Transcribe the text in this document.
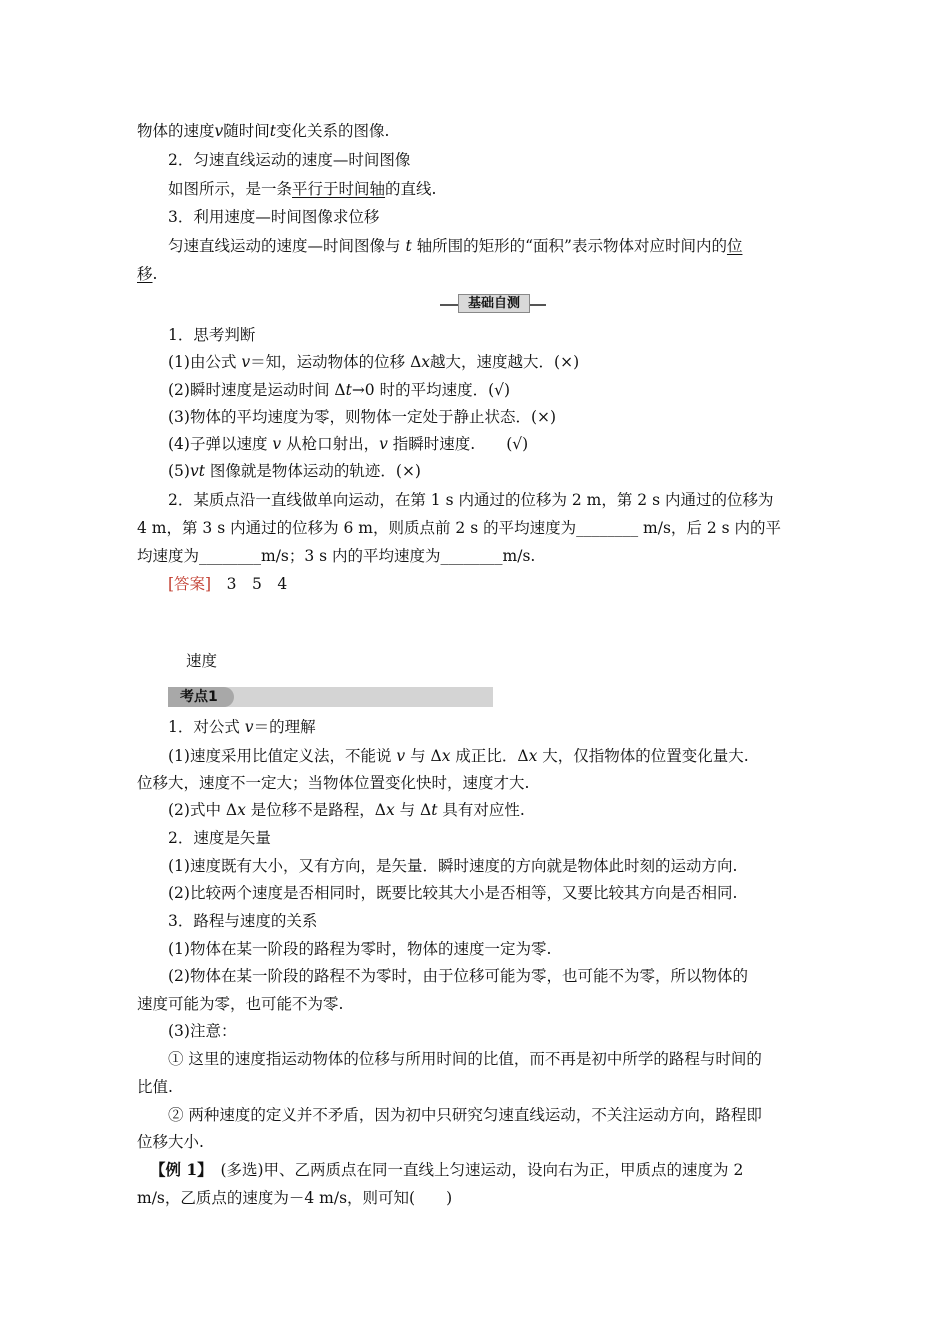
物体的速度v随时间t变化关系的图像.
2．匀速直线运动的速度—时间图像
如图所示，是一条平行于时间轴的直线.
3．利用速度—时间图像求位移
匀速直线运动的速度—时间图像与 t 轴所围的矩形的“面积”表示物体对应时间内的位
移.
基础自测
1．思考判断
(1)由公式 v＝知，运动物体的位移 Δx越大，速度越大．(×)
(2)瞬时速度是运动时间 Δt→0 时的平均速度．(√)
(3)物体的平均速度为零，则物体一定处于静止状态．(×)
(4)子弹以速度 v 从枪口射出，v 指瞬时速度.　　(√)
(5)vt 图像就是物体运动的轨迹．(×)
2．某质点沿一直线做单向运动，在第 1 s 内通过的位移为 2 m，第 2 s 内通过的位移为
4 m，第 3 s 内通过的位移为 6 m，则质点前 2 s 的平均速度为________ m/s，后 2 s 内的平
均速度为________m/s；3 s 内的平均速度为________m/s.
[答案]　3　5　4
速度
考点1
1．对公式 v＝的理解
(1)速度采用比值定义法，不能说 v 与 Δx 成正比．Δx 大，仅指物体的位置变化量大.
位移大，速度不一定大；当物体位置变化快时，速度才大.
(2)式中 Δx 是位移不是路程，Δx 与 Δt 具有对应性.
2．速度是矢量
(1)速度既有大小，又有方向，是矢量．瞬时速度的方向就是物体此时刻的运动方向.
(2)比较两个速度是否相同时，既要比较其大小是否相等，又要比较其方向是否相同.
3．路程与速度的关系
(1)物体在某一阶段的路程为零时，物体的速度一定为零.
(2)物体在某一阶段的路程不为零时，由于位移可能为零，也可能不为零，所以物体的
速度可能为零，也可能不为零.
(3)注意：
① 这里的速度指运动物体的位移与所用时间的比值，而不再是初中所学的路程与时间的
比值.
② 两种速度的定义并不矛盾，因为初中只研究匀速直线运动，不关注运动方向，路程即
位移大小.
【例 1】　(多选)甲、乙两质点在同一直线上匀速运动，设向右为正，甲质点的速度为 2
m/s，乙质点的速度为－4 m/s，则可知(　　)
